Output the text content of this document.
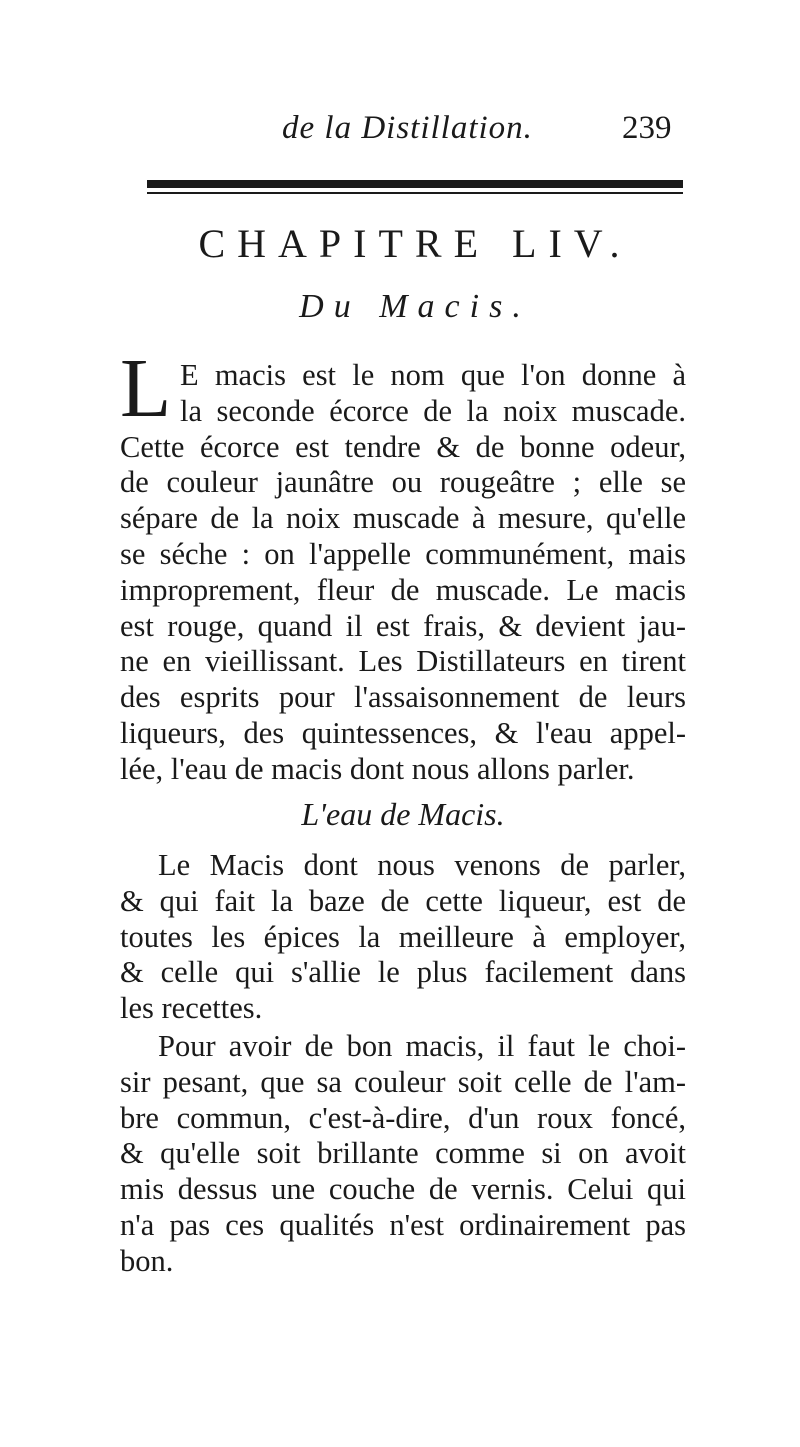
de la Distillation.	239
CHAPITRE LIV.
Du Macis.
L E macis est le nom que l'on donne à
la seconde écorce de la noix muscade.
Cette écorce est tendre & de bonne odeur,
de couleur jaunâtre ou rougeâtre ; elle se
sépare de la noix muscade à mesure, qu'elle
se séche : on l'appelle communément, mais
improprement, fleur de muscade. Le macis
est rouge, quand il est frais, & devient jau-
ne en vieillissant. Les Distillateurs en tirent
des esprits pour l'assaisonnement de leurs
liqueurs, des quintessences, & l'eau appel-
lée, l'eau de macis dont nous allons parler.
L'eau de Macis.
Le Macis dont nous venons de parler,
& qui fait la baze de cette liqueur, est de
toutes les épices la meilleure à employer,
& celle qui s'allie le plus facilement dans
les recettes.
Pour avoir de bon macis, il faut le choi-
sir pesant, que sa couleur soit celle de l'am-
bre commun, c'est-à-dire, d'un roux foncé,
& qu'elle soit brillante comme si on avoit
mis dessus une couche de vernis. Celui qui
n'a pas ces qualités n'est ordinairement pas
bon.
